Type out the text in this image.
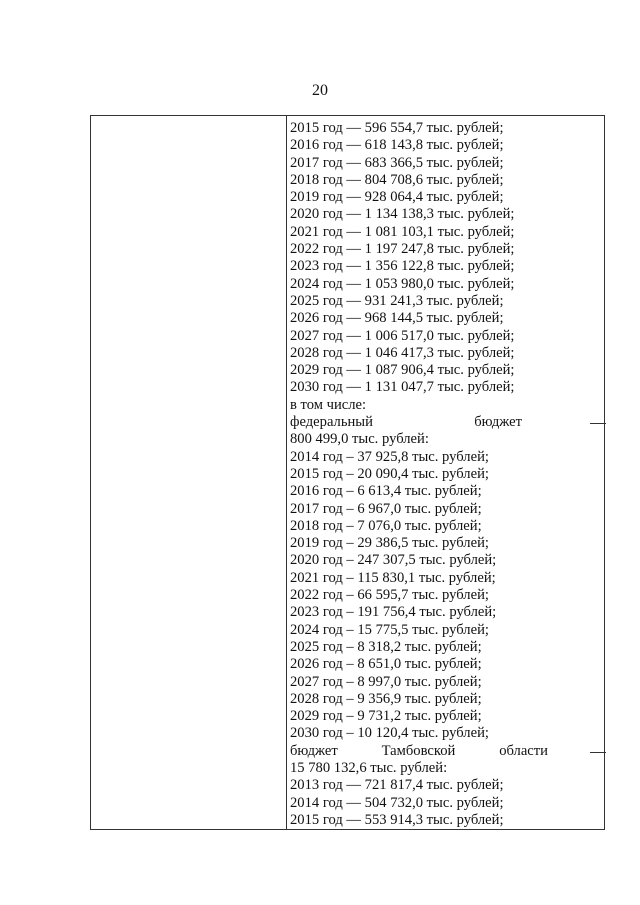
20
2015 год — 596 554,7 тыс. рублей;
2016 год — 618 143,8 тыс. рублей;
2017 год — 683 366,5 тыс. рублей;
2018 год — 804 708,6 тыс. рублей;
2019 год — 928 064,4 тыс. рублей;
2020 год — 1 134 138,3 тыс. рублей;
2021 год — 1 081 103,1 тыс. рублей;
2022 год — 1 197 247,8 тыс. рублей;
2023 год — 1 356 122,8 тыс. рублей;
2024 год — 1 053 980,0 тыс. рублей;
2025 год — 931 241,3 тыс. рублей;
2026 год — 968 144,5 тыс. рублей;
2027 год — 1 006 517,0 тыс. рублей;
2028 год — 1 046 417,3 тыс. рублей;
2029 год — 1 087 906,4 тыс. рублей;
2030 год — 1 131 047,7 тыс. рублей;
в том числе:
федеральный	бюджет
800 499,0 тыс. рублей:
2014 год – 37 925,8 тыс. рублей;
2015 год – 20 090,4 тыс. рублей;
2016 год – 6 613,4 тыс. рублей;
2017 год – 6 967,0 тыс. рублей;
2018 год – 7 076,0 тыс. рублей;
2019 год – 29 386,5 тыс. рублей;
2020 год – 247 307,5 тыс. рублей;
2021 год – 115 830,1 тыс. рублей;
2022 год – 66 595,7 тыс. рублей;
2023 год – 191 756,4 тыс. рублей;
2024 год – 15 775,5 тыс. рублей;
2025 год – 8 318,2 тыс. рублей;
2026 год – 8 651,0 тыс. рублей;
2027 год – 8 997,0 тыс. рублей;
2028 год – 9 356,9 тыс. рублей;
2029 год – 9 731,2 тыс. рублей;
2030 год – 10 120,4 тыс. рублей;
бюджет	Тамбовской	области
15 780 132,6 тыс. рублей:
2013 год — 721 817,4 тыс. рублей;
2014 год — 504 732,0 тыс. рублей;
2015 год — 553 914,3 тыс. рублей;
